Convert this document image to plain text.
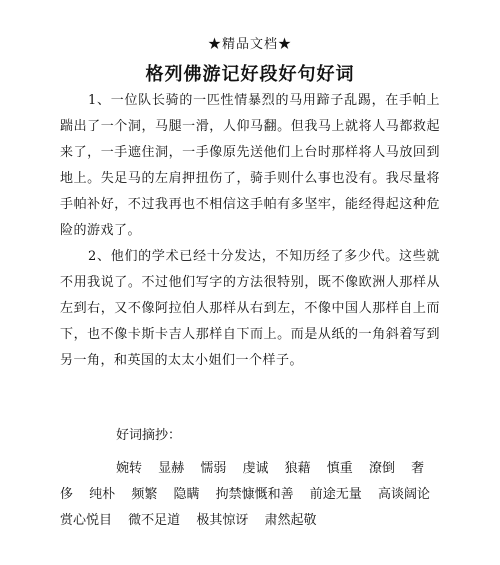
★精品文档★
格列佛游记好段好句好词

1、一位队长骑的一匹性情暴烈的马用蹄子乱踢，在手帕上踹出了一个洞，马腿一滑，人仰马翻。但我马上就将人马都救起来了，一手遮住洞，一手像原先送他们上台时那样将人马放回到地上。失足马的左肩押扭伤了，骑手则什么事也没有。我尽量将手帕补好，不过我再也不相信这手帕有多坚牢，能经得起这种危险的游戏了。

2、他们的学术已经十分发达，不知历经了多少代。这些就不用我说了。不过他们写字的方法很特别，既不像欧洲人那样从左到右，又不像阿拉伯人那样从右到左，不像中国人那样自上而下，也不像卡斯卡吉人那样自下而上。而是从纸的一角斜着写到另一角，和英国的太太小姐们一个样子。

好词摘抄：

婉转 显赫 懦弱 虔诚 狼藉 慎重 潦倒 奢侈 纯朴 频繁 隐瞒 拘禁慷慨和善 前途无量 高谈阔论 赏心悦目 微不足道 极其惊讶 肃然起敬
